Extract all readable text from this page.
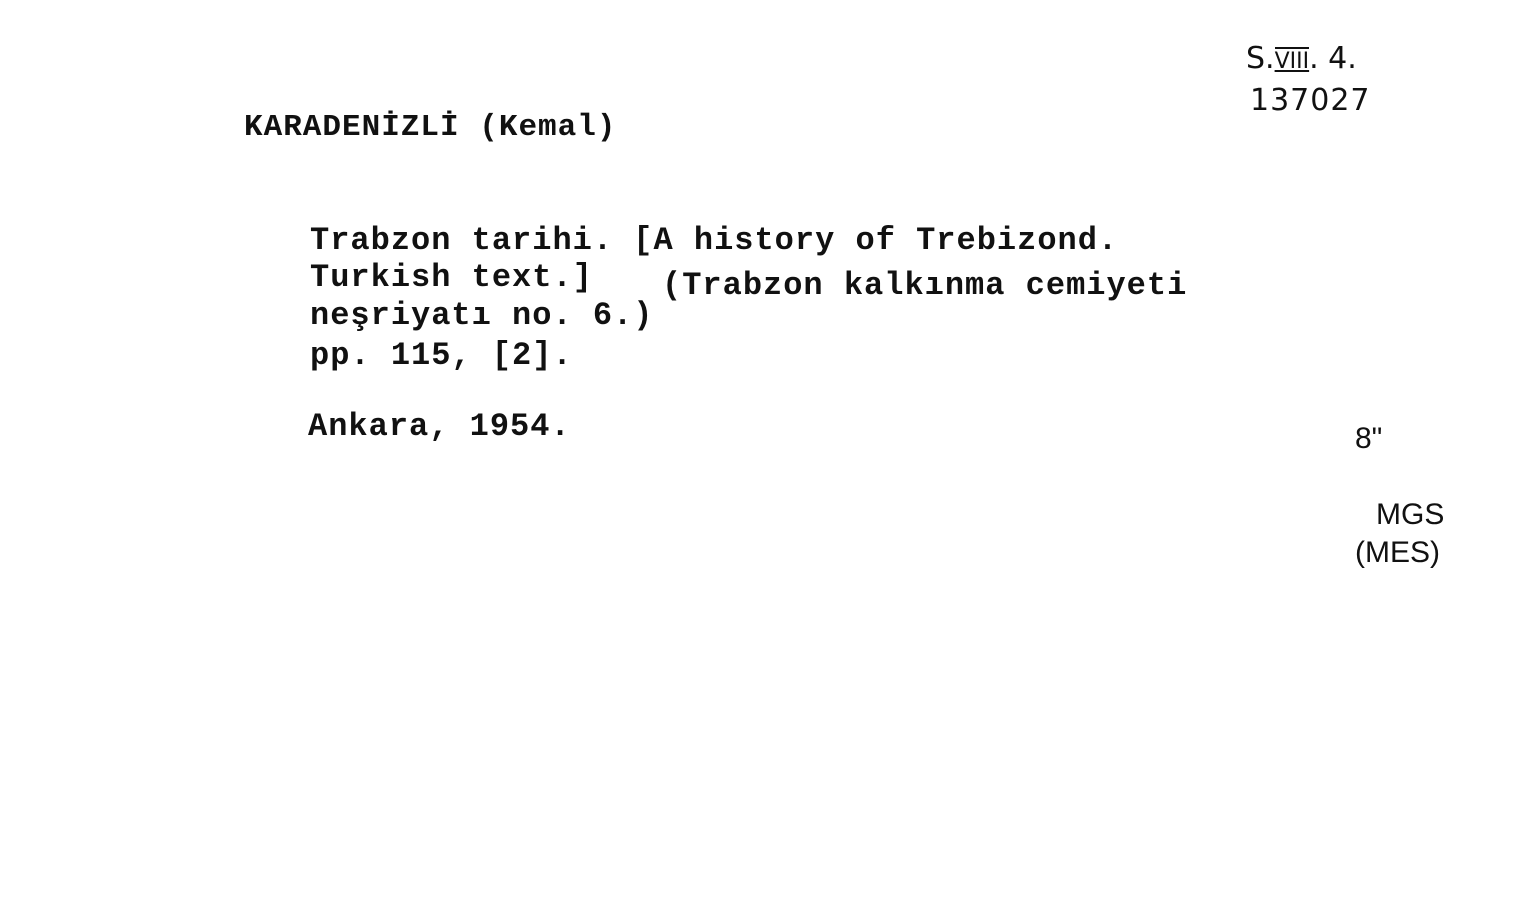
S.VIII. 4.
137027
KARADENİZLİ (Kemal)
Trabzon tarihi. [A history of Trebizond.
Turkish text.] (Trabzon kalkınma cemiyeti
neşriyatı no. 6.)
pp. 115, [2].
Ankara, 1954.	8"
MGS
(MES)
